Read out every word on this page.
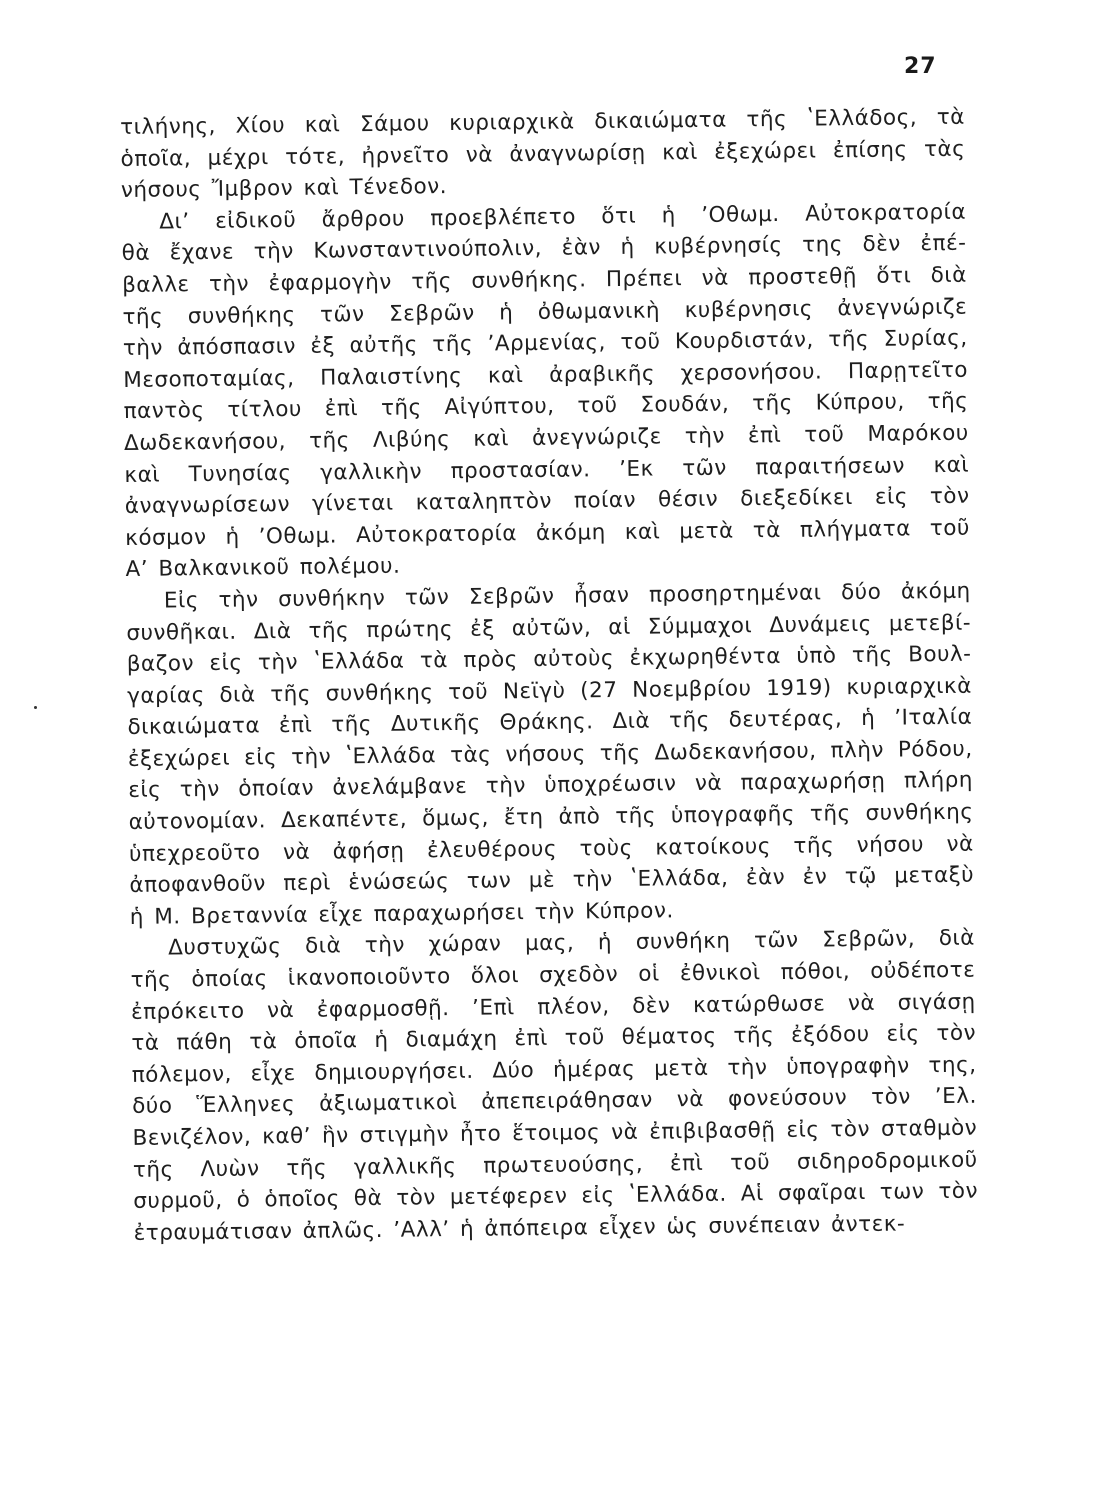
27
τιλήνης, Χίου καὶ Σάμου κυριαρχικὰ δικαιώματα τῆς ʽΕλλάδος, τὰ
ὁποῖα, μέχρι τότε, ἠρνεῖτο νὰ ἀναγνωρίσῃ καὶ ἐξεχώρει ἐπίσης τὰς
νήσους Ἴμβρον καὶ Τένεδον.
Δι’ εἰδικοῦ ἄρθρου προεβλέπετο ὅτι ἡ ’Οθωμ. Αὐτοκρατορία
θὰ ἔχανε τὴν Κωνσταντινούπολιν, ἐὰν ἡ κυβέρνησίς της δὲν ἐπέ-
βαλλε τὴν ἐφαρμογὴν τῆς συνθήκης. Πρέπει νὰ προστεθῇ ὅτι διὰ
τῆς συνθήκης τῶν Σεβρῶν ἡ ὀθωμανικὴ κυβέρνησις ἀνεγνώριζε
τὴν ἀπόσπασιν ἐξ αὐτῆς τῆς ’Αρμενίας, τοῦ Κουρδιστάν, τῆς Συρίας,
Μεσοποταμίας, Παλαιστίνης καὶ ἀραβικῆς χερσονήσου. Παρῃτεῖτο
παντὸς τίτλου ἐπὶ τῆς Αἰγύπτου, τοῦ Σουδάν, τῆς Κύπρου, τῆς
Δωδεκανήσου, τῆς Λιβύης καὶ ἀνεγνώριζε τὴν ἐπὶ τοῦ Μαρόκου
καὶ Τυνησίας γαλλικὴν προστασίαν. ’Εκ τῶν παραιτήσεων καὶ
ἀναγνωρίσεων γίνεται καταληπτὸν ποίαν θέσιν διεξεδίκει εἰς τὸν
κόσμον ἡ ’Οθωμ. Αὐτοκρατορία ἀκόμη καὶ μετὰ τὰ πλήγματα τοῦ
Α’ Βαλκανικοῦ πολέμου.
Εἰς τὴν συνθήκην τῶν Σεβρῶν ἦσαν προσηρτημέναι δύο ἀκόμη
συνθῆκαι. Διὰ τῆς πρώτης ἐξ αὐτῶν, αἱ Σύμμαχοι Δυνάμεις μετεβί-
βαζον εἰς τὴν ʽΕλλάδα τὰ πρὸς αὐτοὺς ἐκχωρηθέντα ὑπὸ τῆς Βουλ-
γαρίας διὰ τῆς συνθήκης τοῦ Νεϊγὺ (27 Νοεμβρίου 1919) κυριαρχικὰ
δικαιώματα ἐπὶ τῆς Δυτικῆς Θράκης. Διὰ τῆς δευτέρας, ἡ ’Ιταλία
ἐξεχώρει εἰς τὴν ʽΕλλάδα τὰς νήσους τῆς Δωδεκανήσου, πλὴν Ρόδου,
εἰς τὴν ὁποίαν ἀνελάμβανε τὴν ὑποχρέωσιν νὰ παραχωρήσῃ πλήρη
αὐτονομίαν. Δεκαπέντε, ὅμως, ἔτη ἀπὸ τῆς ὑπογραφῆς τῆς συνθήκης
ὑπεχρεοῦτο νὰ ἀφήσῃ ἐλευθέρους τοὺς κατοίκους τῆς νήσου νὰ
ἀποφανθοῦν περὶ ἑνώσεώς των μὲ τὴν ʽΕλλάδα, ἐὰν ἐν τῷ μεταξὺ
ἡ Μ. Βρεταννία εἶχε παραχωρήσει τὴν Κύπρον.
Δυστυχῶς διὰ τὴν χώραν μας, ἡ συνθήκη τῶν Σεβρῶν, διὰ
τῆς ὁποίας ἱκανοποιοῦντο ὅλοι σχεδὸν οἱ ἐθνικοὶ πόθοι, οὐδέποτε
ἐπρόκειτο νὰ ἐφαρμοσθῇ. ’Επὶ πλέον, δὲν κατώρθωσε νὰ σιγάσῃ
τὰ πάθη τὰ ὁποῖα ἡ διαμάχη ἐπὶ τοῦ θέματος τῆς ἐξόδου εἰς τὸν
πόλεμον, εἶχε δημιουργήσει. Δύο ἡμέρας μετὰ τὴν ὑπογραφὴν της,
δύο Ἕλληνες ἀξιωματικοὶ ἀπεπειράθησαν νὰ φονεύσουν τὸν ’Ελ.
Βενιζέλον, καθ’ ἣν στιγμὴν ἦτο ἕτοιμος νὰ ἐπιβιβασθῇ εἰς τὸν σταθμὸν
τῆς Λυὼν τῆς γαλλικῆς πρωτευούσης, ἐπὶ τοῦ σιδηροδρομικοῦ
συρμοῦ, ὁ ὁποῖος θὰ τὸν μετέφερεν εἰς ʽΕλλάδα. Αἱ σφαῖραι των τὸν
ἐτραυμάτισαν ἀπλῶς. ’Αλλ’ ἡ ἀπόπειρα εἶχεν ὡς συνέπειαν ἀντεκ-
